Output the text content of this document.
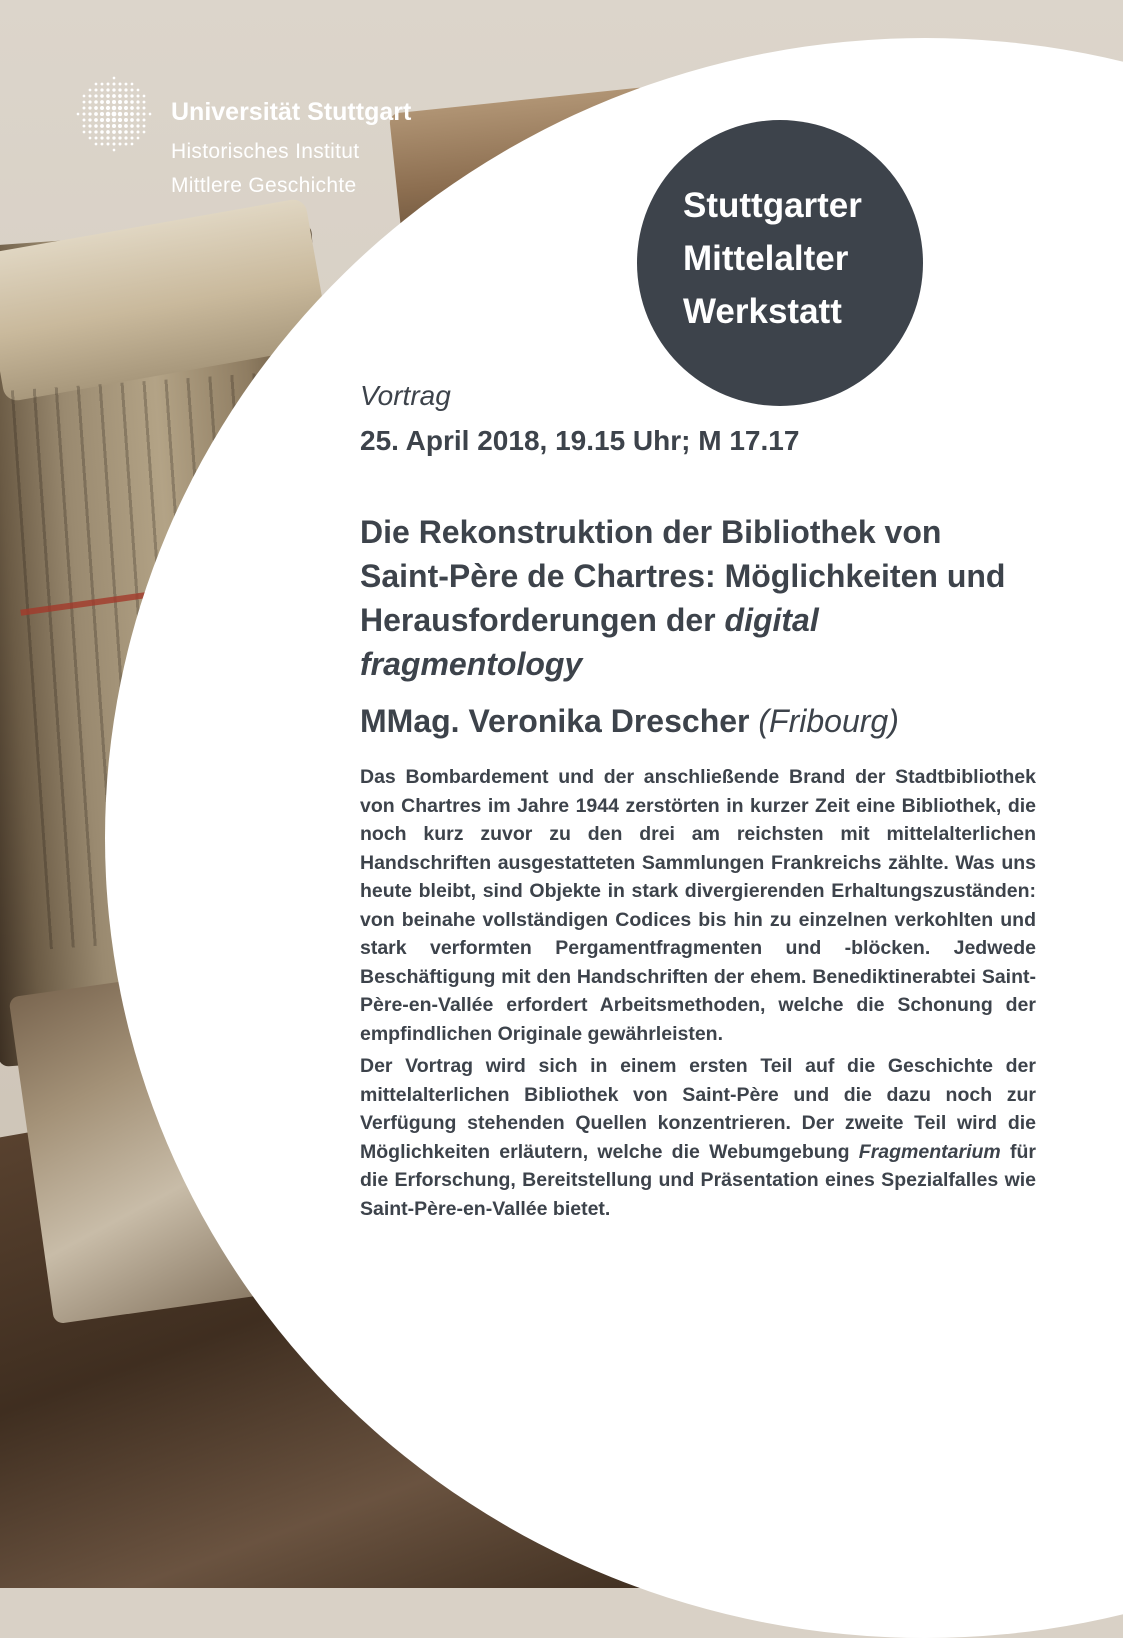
Universität Stuttgart
Historisches Institut
Mittlere Geschichte
Stuttgarter
Mittelalter
Werkstatt
Vortrag
25. April 2018, 19.15 Uhr; M 17.17
Die Rekonstruktion der Bibliothek von Saint-Père de Chartres: Möglichkeiten und Herausforderungen der digital fragmentology
MMag. Veronika Drescher (Fribourg)

Das Bombardement und der anschließende Brand der Stadtbibliothek von Chartres im Jahre 1944 zerstörten in kurzer Zeit eine Bibliothek, die noch kurz zuvor zu den drei am reichsten mit mittelalterlichen Handschriften ausgestatteten Sammlungen Frankreichs zählte. Was uns heute bleibt, sind Objekte in stark divergierenden Erhaltungszuständen: von beinahe vollständigen Codices bis hin zu einzelnen verkohlten und stark verformten Pergamentfragmenten und -blöcken. Jedwede Beschäftigung mit den Handschriften der ehem. Benediktinerabtei Saint-Père-en-Vallée erfordert Arbeitsmethoden, welche die Schonung der empfindlichen Originale gewährleisten.

Der Vortrag wird sich in einem ersten Teil auf die Geschichte der mittelalterlichen Bibliothek von Saint-Père und die dazu noch zur Verfügung stehenden Quellen konzentrieren. Der zweite Teil wird die Möglichkeiten erläutern, welche die Webumgebung Fragmentarium für die Erforschung, Bereitstellung und Präsentation eines Spezialfalles wie Saint-Père-en-Vallée bietet.
